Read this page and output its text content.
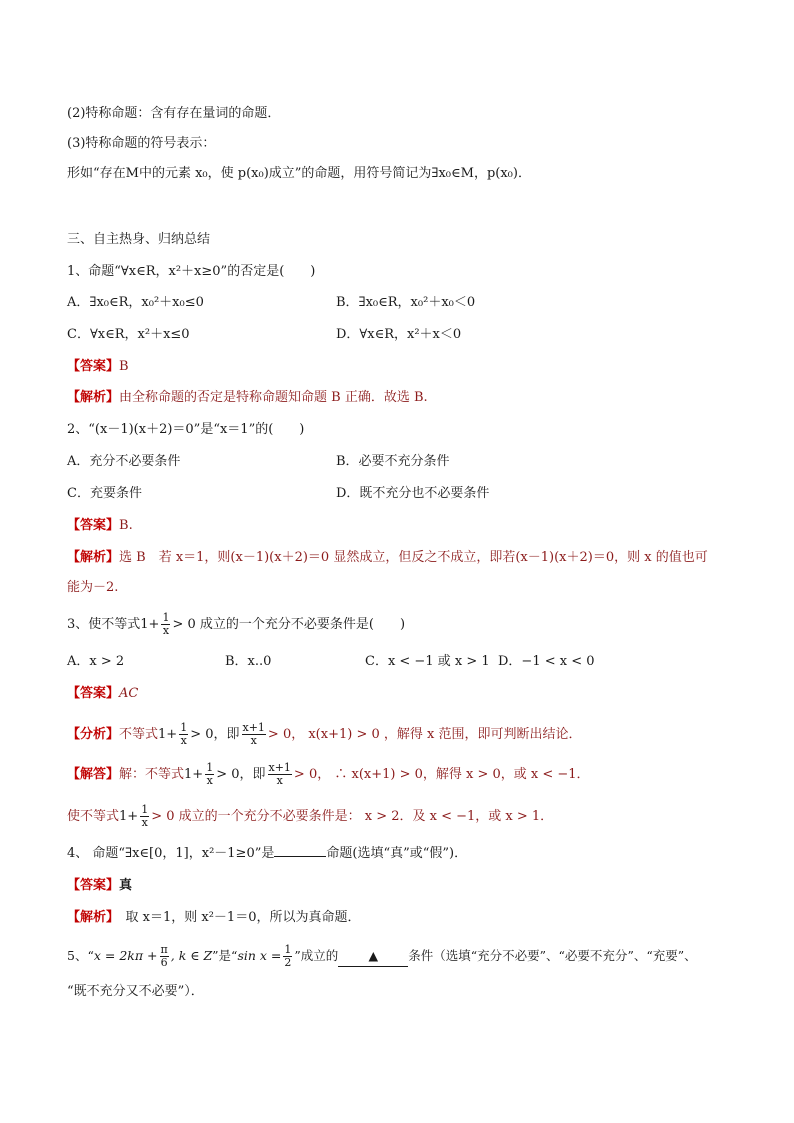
(2)特称命题：含有存在量词的命题．
(3)特称命题的符号表示：
形如“存在M中的元素 x₀，使 p(x₀)成立”的命题，用符号简记为∃x₀∈M，p(x₀)．
三、自主热身、归纳总结
1、命题“∀x∈R，x²＋x≥0”的否定是(　　)
A．∃x₀∈R，x₀²＋x₀≤0	B．∃x₀∈R，x₀²＋x₀＜0
C．∀x∈R，x²＋x≤0	D．∀x∈R，x²＋x＜0
【答案】B
【解析】由全称命题的否定是特称命题知命题 B 正确．故选 B.
2、“(x－1)(x＋2)＝0”是“x＝1”的(　　)
A．充分不必要条件	B．必要不充分条件
C．充要条件	D．既不充分也不必要条件
【答案】B.
【解析】选 B　若 x＝1，则(x－1)(x＋2)＝0 显然成立，但反之不成立，即若(x－1)(x＋2)＝0，则 x 的值也可
能为－2.
3、使不等式$1+ \frac{1}{x} > 0$ 成立的一个充分不必要条件是(　　)
A．x > 2	B．x..0	C．x < −1 或 x > 1 D．−1 < x < 0
【答案】AC
【分析】不等式$1+ \frac{1}{x} > 0$，即 $\frac{x+1}{x} > 0$， x(x+1) > 0 ，解得 x 范围，即可判断出结论．
【解答】解：不等式$1+ \frac{1}{x} > 0$，即 $\frac{x+1}{x} > 0$， ∴ x(x+1) > 0，解得 x > 0，或 x < −1．
使不等式$1+ \frac{1}{x} > 0$ 成立的一个充分不必要条件是： x > 2．及 x < −1，或 x > 1．
4、 命题“∃x∈[0，1]，x²－1≥0”是	命题(选填“真”或“假”)．
【答案】真
【解析】　取 x＝1，则 x²－1＝0，所以为真命题．
5、“$x = 2k\pi + \frac{\pi}{6}$ , k ∈ Z”是“sin $x = \frac{1}{2}$ ”成立的 ▲ 条件（选填“充分不必要”、“必要不充分”、“充要”、
“既不充分又不必要”）．
